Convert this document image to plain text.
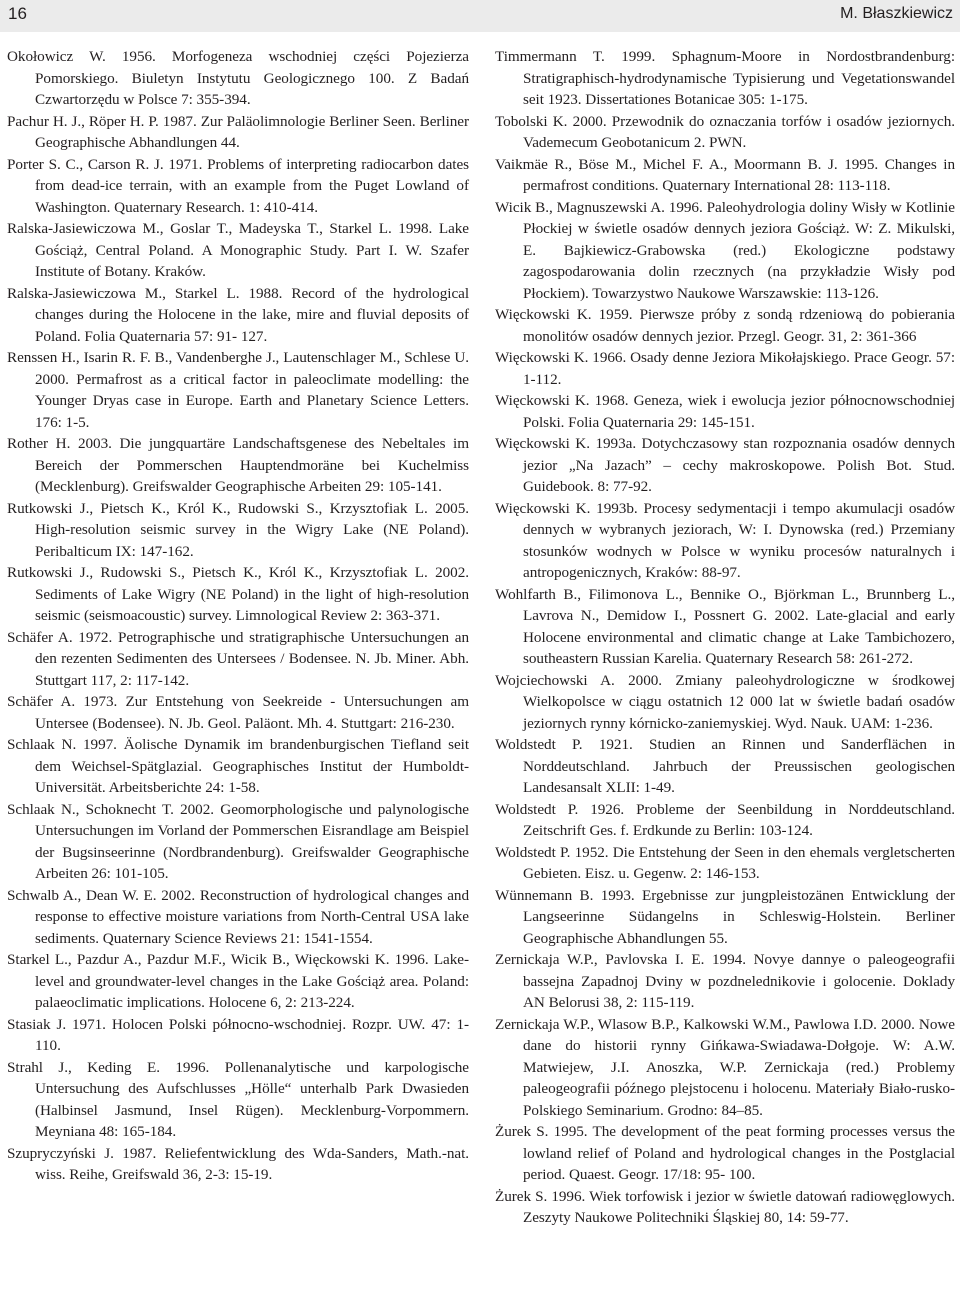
16	M. Błaszkiewicz

Okołowicz W. 1956. Morfogeneza wschodniej części Pojezierza Pomorskiego. Biuletyn Instytutu Geologicznego 100. Z Badań Czwartorzędu w Polsce 7: 355-394.

Pachur H. J., Röper H. P. 1987. Zur Paläolimnologie Berliner Seen. Berliner Geographische Abhandlungen 44.

Porter S. C., Carson R. J. 1971. Problems of interpreting radiocarbon dates from dead-ice terrain, with an example from the Puget Lowland of Washington. Quaternary Research. 1: 410-414.

Ralska-Jasiewiczowa M., Goslar T., Madeyska T., Starkel L. 1998. Lake Gościąż, Central Poland. A Monographic Study. Part I. W. Szafer Institute of Botany. Kraków.

Ralska-Jasiewiczowa M., Starkel L. 1988. Record of the hydrological changes during the Holocene in the lake, mire and fluvial deposits of Poland. Folia Quaternaria 57: 91- 127.

Renssen H., Isarin R. F. B., Vandenberghe J., Lautenschlager M., Schlese U. 2000. Permafrost as a critical factor in paleoclimate modelling: the Younger Dryas case in Europe. Earth and Planetary Science Letters. 176: 1-5.

Rother H. 2003. Die jungquartäre Landschaftsgenese des Nebeltales im Bereich der Pommerschen Hauptendmoräne bei Kuchelmiss (Mecklenburg). Greifswalder Geographische Arbeiten 29: 105-141.

Rutkowski J., Pietsch K., Król K., Rudowski S., Krzysztofiak L. 2005. High-resolution seismic survey in the Wigry Lake (NE Poland). Peribalticum IX: 147-162.

Rutkowski J., Rudowski S., Pietsch K., Król K., Krzysztofiak L. 2002. Sediments of Lake Wigry (NE Poland) in the light of high-resolution seismic (seismoacoustic) survey. Limnological Review 2: 363-371.

Schäfer A. 1972. Petrographische und stratigraphische Untersuchungen an den rezenten Sedimenten des Untersees / Bodensee. N. Jb. Miner. Abh. Stuttgart 117, 2: 117-142.

Schäfer A. 1973. Zur Entstehung von Seekreide - Untersuchungen am Untersee (Bodensee). N. Jb. Geol. Paläont. Mh. 4. Stuttgart: 216-230.

Schlaak N. 1997. Äolische Dynamik im brandenburgischen Tiefland seit dem Weichsel-Spätglazial. Geographisches Institut der Humboldt-Universität. Arbeitsberichte 24: 1-58.

Schlaak N., Schoknecht T. 2002. Geomorphologische und palynologische Untersuchungen im Vorland der Pommerschen Eisrandlage am Beispiel der Bugsinseerinne (Nordbrandenburg). Greifswalder Geographische Arbeiten 26: 101-105.

Schwalb A., Dean W. E. 2002. Reconstruction of hydrological changes and response to effective moisture variations from North-Central USA lake sediments. Quaternary Science Reviews 21: 1541-1554.

Starkel L., Pazdur A., Pazdur M.F., Wicik B., Więckowski K. 1996. Lake-level and groundwater-level changes in the Lake Gościąż area. Poland: palaeoclimatic implications. Holocene 6, 2: 213-224.

Stasiak J. 1971. Holocen Polski północno-wschodniej. Rozpr. UW. 47: 1-110.

Strahl J., Keding E. 1996. Pollenanalytische und karpologische Untersuchung des Aufschlusses „Hölle“ unterhalb Park Dwasieden (Halbinsel Jasmund, Insel Rügen). Mecklenburg-Vorpommern. Meyniana 48: 165-184.

Szupryczyński J. 1987. Reliefentwicklung des Wda-Sanders, Math.-nat. wiss. Reihe, Greifswald 36, 2-3: 15-19.

Timmermann T. 1999. Sphagnum-Moore in Nordostbrandenburg: Stratigraphisch-hydrodynamische Typisierung und Vegetationswandel seit 1923. Dissertationes Botanicae 305: 1-175.

Tobolski K. 2000. Przewodnik do oznaczania torfów i osadów jeziornych. Vademecum Geobotanicum 2. PWN.

Vaikmäe R., Böse M., Michel F. A., Moormann B. J. 1995. Changes in permafrost conditions. Quaternary International 28: 113-118.

Wicik B., Magnuszewski A. 1996. Paleohydrologia doliny Wisły w Kotlinie Płockiej w świetle osadów dennych jeziora Gościąż. W: Z. Mikulski, E. Bajkiewicz-Grabowska (red.) Ekologiczne podstawy zagospodarowania dolin rzecznych (na przykładzie Wisły pod Płockiem). Towarzystwo Naukowe Warszawskie: 113-126.

Więckowski K. 1959. Pierwsze próby z sondą rdzeniową do pobierania monolitów osadów dennych jezior. Przegl. Geogr. 31, 2: 361-366

Więckowski K. 1966. Osady denne Jeziora Mikołajskiego. Prace Geogr. 57: 1-112.

Więckowski K. 1968. Geneza, wiek i ewolucja jezior północnowschodniej Polski. Folia Quaternaria 29: 145-151.

Więckowski K. 1993a. Dotychczasowy stan rozpoznania osadów dennych jezior „Na Jazach” – cechy makroskopowe. Polish Bot. Stud. Guidebook. 8: 77-92.

Więckowski K. 1993b. Procesy sedymentacji i tempo akumulacji osadów dennych w wybranych jeziorach, W: I. Dynowska (red.) Przemiany stosunków wodnych w Polsce w wyniku procesów naturalnych i antropogenicznych, Kraków: 88-97.

Wohlfarth B., Filimonova L., Bennike O., Björkman L., Brunnberg L., Lavrova N., Demidow I., Possnert G. 2002. Late-glacial and early Holocene environmental and climatic change at Lake Tambichozero, southeastern Russian Karelia. Quaternary Research 58: 261-272.

Wojciechowski A. 2000. Zmiany paleohydrologiczne w środkowej Wielkopolsce w ciągu ostatnich 12 000 lat w świetle badań osadów jeziornych rynny kórnicko-zaniemyskiej. Wyd. Nauk. UAM: 1-236.

Woldstedt P. 1921. Studien an Rinnen und Sanderflächen in Norddeutschland. Jahrbuch der Preussischen geologischen Landesansalt XLII: 1-49.

Woldstedt P. 1926. Probleme der Seenbildung in Norddeutschland. Zeitschrift Ges. f. Erdkunde zu Berlin: 103-124.

Woldstedt P. 1952. Die Entstehung der Seen in den ehemals vergletscherten Gebieten. Eisz. u. Gegenw. 2: 146-153.

Wünnemann B. 1993. Ergebnisse zur jungpleistozänen Entwicklung der Langseerinne Südangelns in Schleswig-Holstein. Berliner Geographische Abhandlungen 55.

Zernickaja W.P., Pavlovska I. E. 1994. Novye dannye o paleogeografii bassejna Zapadnoj Dviny w pozdnelednikovie i golocenie. Doklady AN Belorusi 38, 2: 115-119.

Zernickaja W.P., Wlasow B.P., Kalkowski W.M., Pawlowa I.D. 2000. Nowe dane do historii rynny Gińkawa-Swiadawa-Dołgoje. W: A.W. Matwiejew, J.I. Anoszka, W.P. Zernickaja (red.) Problemy paleogeografii późnego plejstocenu i holocenu. Materiały Biało-rusko-Polskiego Seminarium. Grodno: 84–85.

Żurek S. 1995. The development of the peat forming processes versus the lowland relief of Poland and hydrological changes in the Postglacial period. Quaest. Geogr. 17/18: 95- 100.

Żurek S. 1996. Wiek torfowisk i jezior w świetle datowań radiowęglowych. Zeszyty Naukowe Politechniki Śląskiej 80, 14: 59-77.
